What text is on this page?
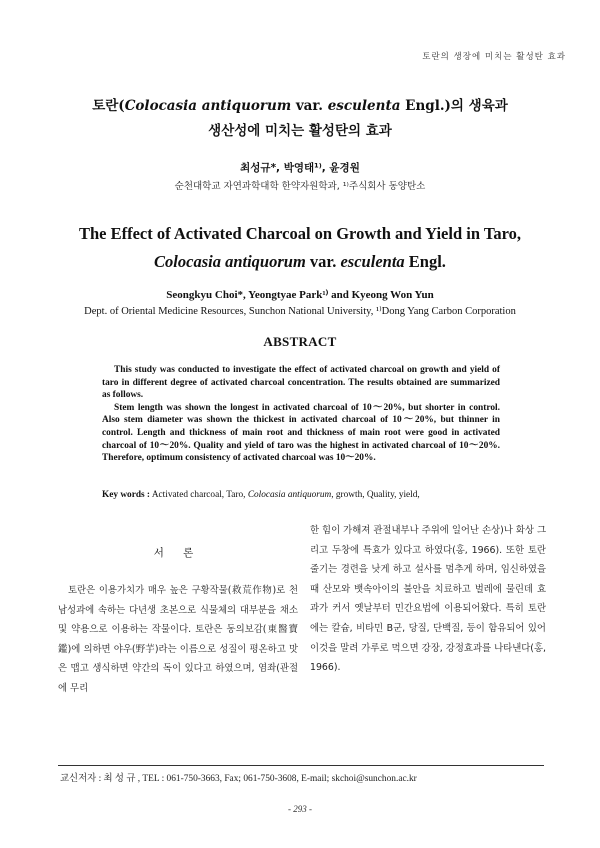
토란의 생장에 미치는 활성탄 효과
토란(Colocasia antiquorum var. esculenta Engl.)의 생육과
생산성에 미치는 활성탄의 효과
최성규*, 박영태¹⁾, 윤경원
순천대학교 자연과학대학 한약자원학과, ¹⁾주식회사 동양탄소
The Effect of Activated Charcoal on Growth and Yield in Taro,
Colocasia antiquorum var. esculenta Engl.
Seongkyu Choi*, Yeongtyae Park¹⁾ and Kyeong Won Yun
Dept. of Oriental Medicine Resources, Sunchon National University, ¹⁾Dong Yang Carbon Corporation
ABSTRACT

This study was conducted to investigate the effect of activated charcoal on growth and yield of taro in different degree of activated charcoal concentration. The results obtained are summarized as follows.

Stem length was shown the longest in activated charcoal of 10～20%, but shorter in control. Also stem diameter was shown the thickest in activated charcoal of 10～20%, but thinner in control. Length and thickness of main root and thickness of main root were good in activated charcoal of 10～20%. Quality and yield of taro was the highest in activated charcoal of 10～20%. Therefore, optimum consistency of activated charcoal was 10～20%.

Key words : Activated charcoal, Taro, Colocasia antiquorum, growth, Quality, yield,
서 론

토란은 이용가치가 매우 높은 구황작물(救荒作物)로 천남성과에 속하는 다년생 초본으로 식물체의 대부분을 채소 및 약용으로 이용하는 작물이다. 토란은 동의보감(東醫寶鑑)에 의하면 야우(野芋)라는 이름으로 성질이 평온하고 맛은 맵고 생식하면 약간의 독이 있다고 하였으며, 염좌(관절에 무리

한 힘이 가해져 관절내부나 주위에 일어난 손상)나 화상 그리고 두창에 특효가 있다고 하였다(홍, 1966). 또한 토란줄기는 경련을 낫게 하고 설사를 멈추게 하며, 임신하였을 때 산모와 뱃속아이의 불안을 치료하고 벌레에 물린데 효과가 커서 옛날부터 민간요법에 이용되어왔다. 특히 토란에는 칼슘, 비타민 B군, 당질, 단백질, 등이 함유되어 있어 이것을 말려 가루로 먹으면 강장, 강정효과를 나타낸다(홍, 1966).

교신저자 : 최 성 규 , TEL : 061-750-3663, Fax; 061-750-3608, E-mail; skchoi@sunchon.ac.kr
- 293 -
